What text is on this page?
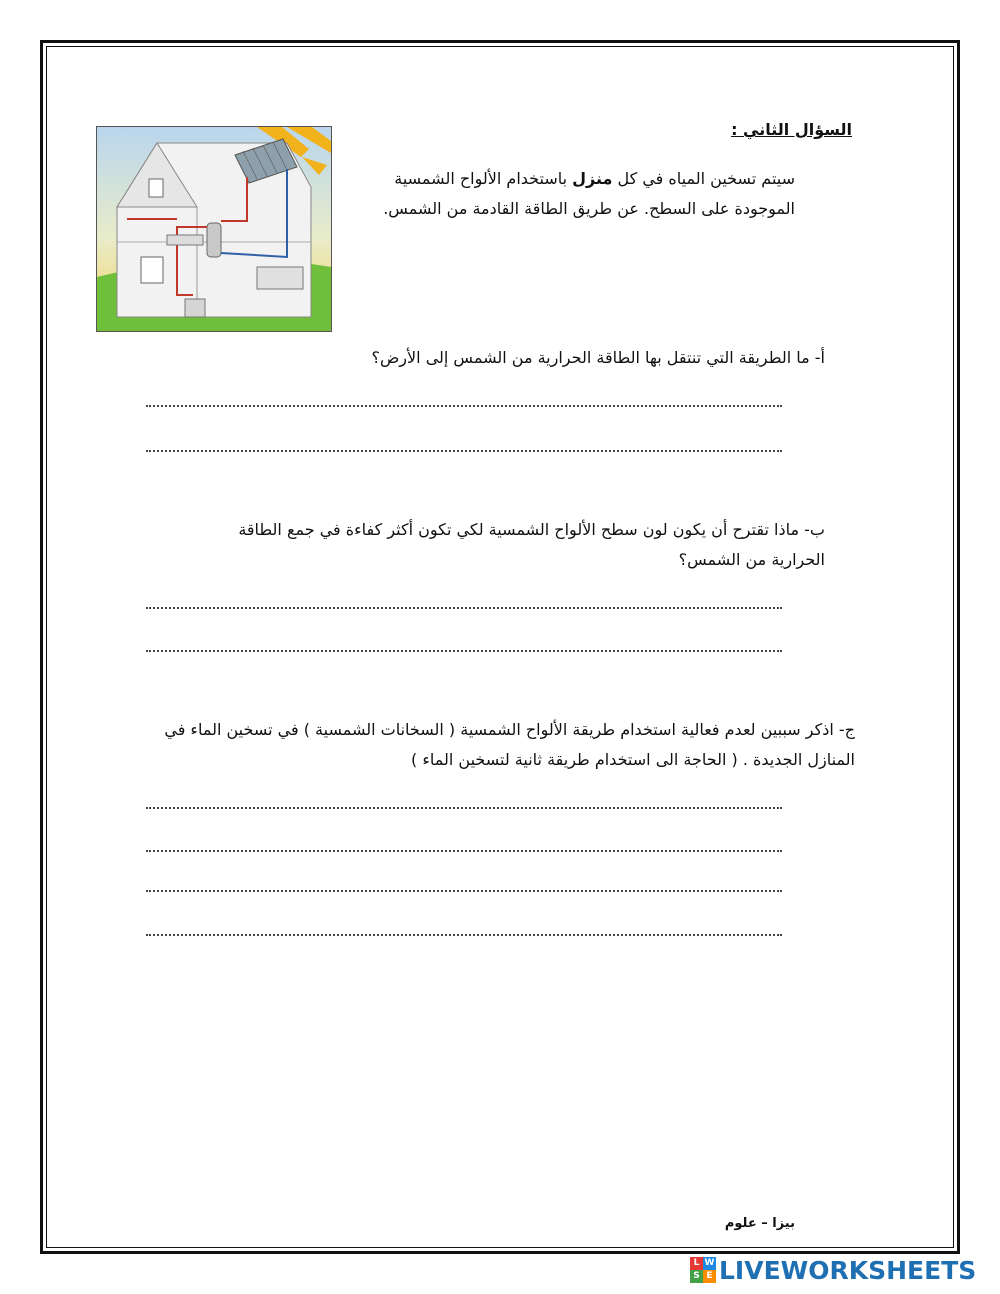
السؤال الثاني :
سيتم تسخين المياه في كل منزل باستخدام الألواح الشمسية
الموجودة على السطح. عن طريق الطاقة القادمة من الشمس.
أ- ما الطريقة التي تنتقل بها الطاقة الحرارية من الشمس إلى الأرض؟
ب- ماذا تقترح أن يكون لون سطح الألواح الشمسية لكي تكون أكثر كفاءة في جمع الطاقة الحرارية من الشمس؟
ج- اذكر سببين لعدم فعالية استخدام طريقة الألواح الشمسية ( السخانات الشمسية ) في تسخين الماء في المنازل الجديدة . ( الحاجة الى استخدام طريقة ثانية لتسخين الماء )
بيزا – علوم
L W
S E LIVEWORKSHEETS
